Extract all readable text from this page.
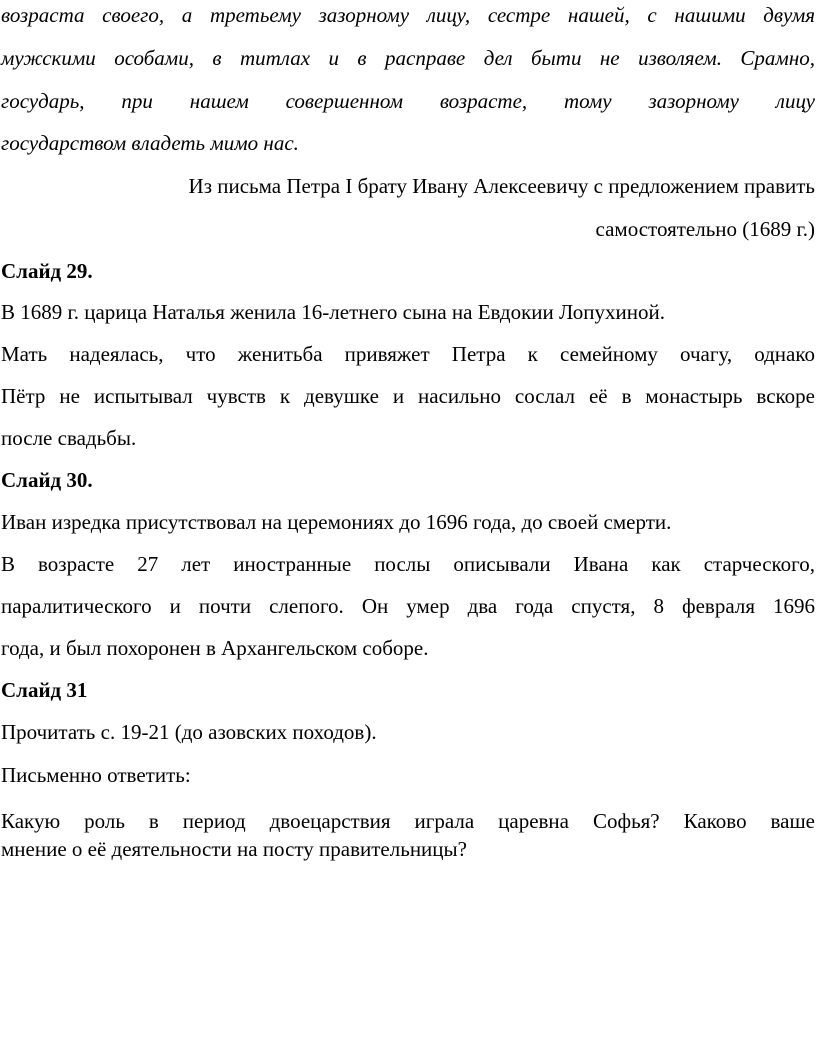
возраста своего, а третьему зазорному лицу, сестре нашей, с нашими двумя
мужскими особами, в титлах и в расправе дел быти не изволяем. Срамно,
государь, при нашем совершенном возрасте, тому зазорному лицу
государством владеть мимо нас.
Из письма Петра I брату Ивану Алексеевичу с предложением править
самостоятельно (1689 г.)
Слайд 29.
В 1689 г. царица Наталья женила 16-летнего сына на Евдокии Лопухиной.
Мать надеялась, что женитьба привяжет Петра к семейному очагу, однако
Пётр не испытывал чувств к девушке и насильно сослал её в монастырь вскоре
после свадьбы.
Слайд 30.
Иван изредка присутствовал на церемониях до 1696 года, до своей смерти.
В возрасте 27 лет иностранные послы описывали Ивана как старческого,
паралитического и почти слепого. Он умер два года спустя, 8 февраля 1696
года, и был похоронен в Архангельском соборе.
Слайд 31
Прочитать с. 19-21 (до азовских походов).
Письменно ответить:
Какую роль в период двоецарствия играла царевна Софья? Каково ваше
мнение о её деятельности на посту правительницы?
